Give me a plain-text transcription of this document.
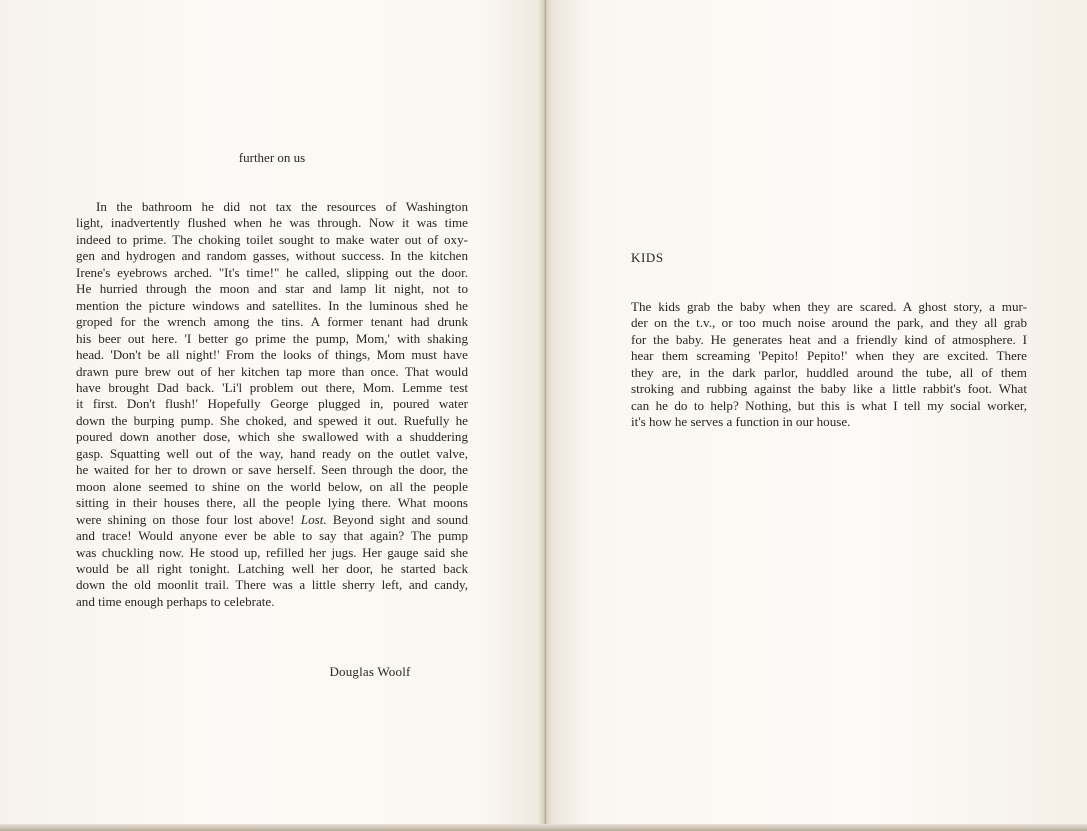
further on us
In the bathroom he did not tax the resources of Washington
light, inadvertently flushed when he was through. Now it was time
indeed to prime. The choking toilet sought to make water out of oxy-
gen and hydrogen and random gasses, without success. In the kitchen
Irene's eyebrows arched. "It's time!" he called, slipping out the door.
He hurried through the moon and star and lamp lit night, not to
mention the picture windows and satellites. In the luminous shed he
groped for the wrench among the tins. A former tenant had drunk
his beer out here. 'I better go prime the pump, Mom,' with shaking
head. 'Don't be all night!' From the looks of things, Mom must have
drawn pure brew out of her kitchen tap more than once. That would
have brought Dad back. 'Li'l problem out there, Mom. Lemme test
it first. Don't flush!' Hopefully George plugged in, poured water
down the burping pump. She choked, and spewed it out. Ruefully he
poured down another dose, which she swallowed with a shuddering
gasp. Squatting well out of the way, hand ready on the outlet valve,
he waited for her to drown or save herself. Seen through the door, the
moon alone seemed to shine on the world below, on all the people
sitting in their houses there, all the people lying there. What moons
were shining on those four lost above! Lost. Beyond sight and sound
and trace! Would anyone ever be able to say that again? The pump
was chuckling now. He stood up, refilled her jugs. Her gauge said she
would be all right tonight. Latching well her door, he started back
down the old moonlit trail. There was a little sherry left, and candy,
and time enough perhaps to celebrate.
Douglas Woolf
KIDS
The kids grab the baby when they are scared. A ghost story, a mur-
der on the t.v., or too much noise around the park, and they all grab
for the baby. He generates heat and a friendly kind of atmosphere. I
hear them screaming 'Pepito! Pepito!' when they are excited. There
they are, in the dark parlor, huddled around the tube, all of them
stroking and rubbing against the baby like a little rabbit's foot. What
can he do to help? Nothing, but this is what I tell my social worker,
it's how he serves a function in our house.
